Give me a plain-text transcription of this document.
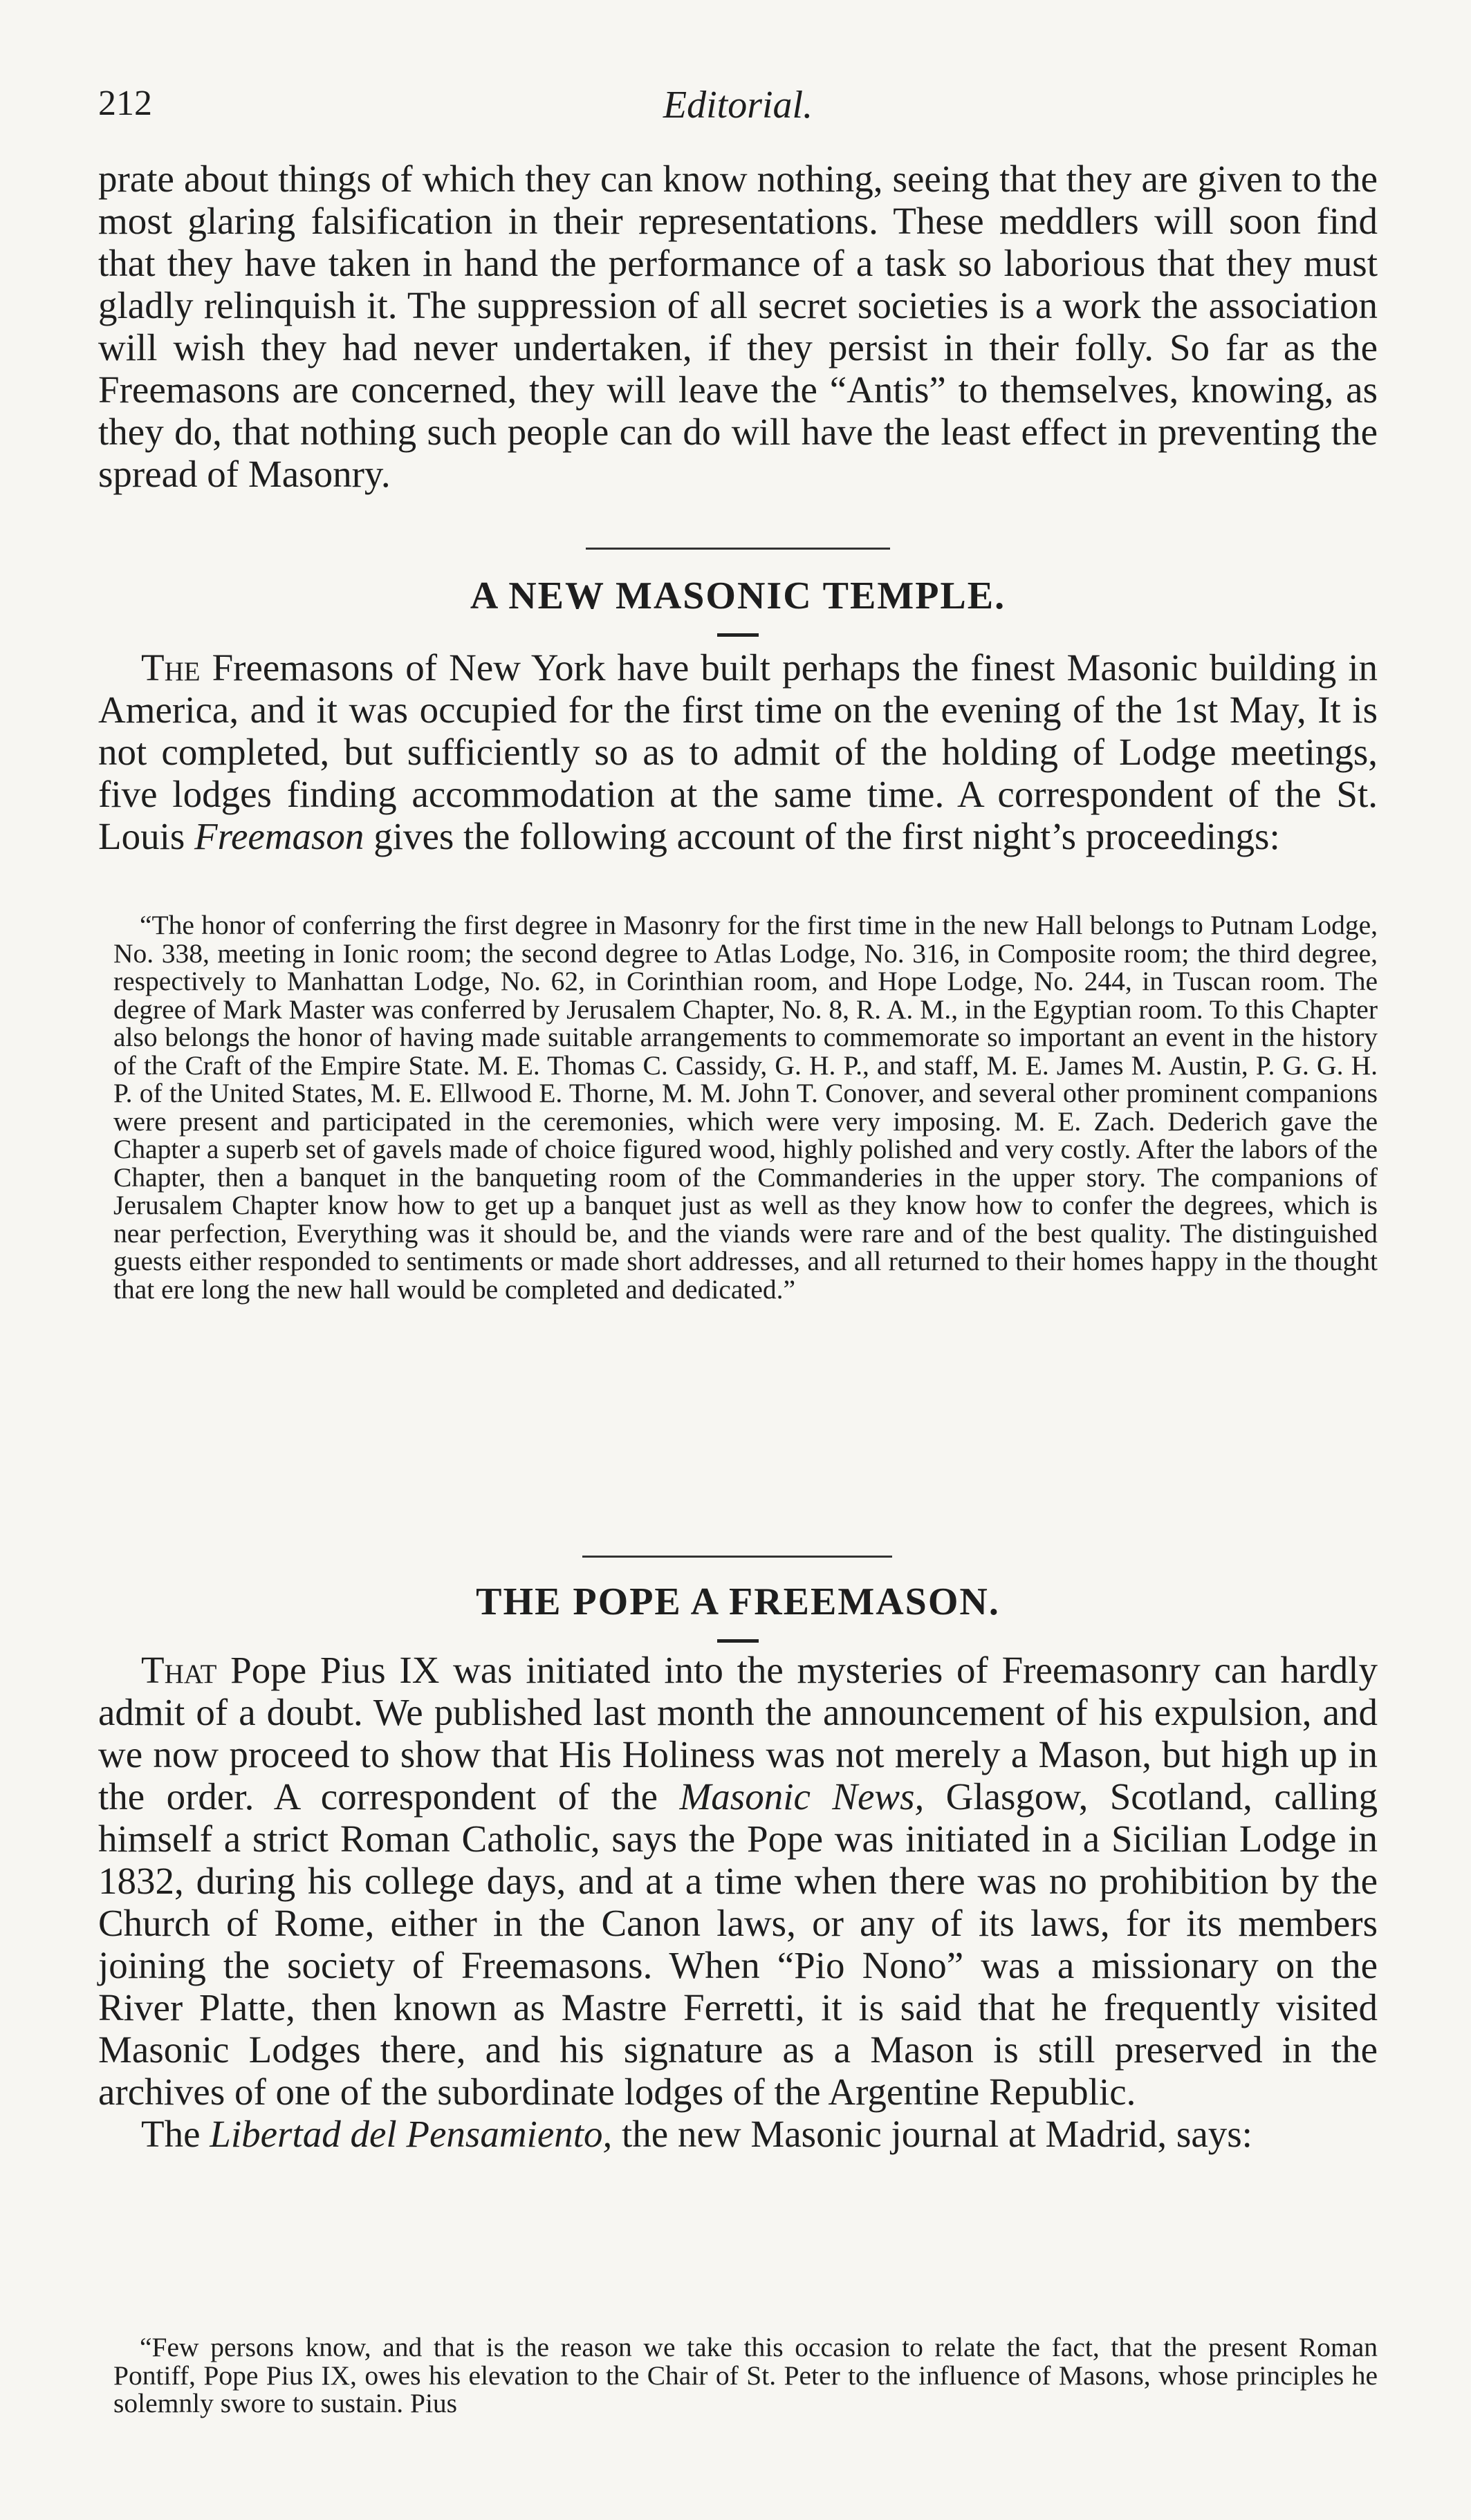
212	Editorial.

prate about things of which they can know nothing, seeing that they are given to the most glaring falsification in their representations. These meddlers will soon find that they have taken in hand the performance of a task so laborious that they must gladly relinquish it. The suppression of all secret societies is a work the association will wish they had never undertaken, if they persist in their folly. So far as the Freemasons are concerned, they will leave the “Antis” to themselves, knowing, as they do, that nothing such people can do will have the least effect in preventing the spread of Masonry.

A NEW MASONIC TEMPLE.

The Freemasons of New York have built perhaps the finest Masonic building in America, and it was occupied for the first time on the evening of the 1st May, It is not completed, but sufficiently so as to admit of the holding of Lodge meetings, five lodges finding accommodation at the same time. A correspondent of the St. Louis Freemason gives the following account of the first night’s proceedings:

“The honor of conferring the first degree in Masonry for the first time in the new Hall belongs to Putnam Lodge, No. 338, meeting in Ionic room; the second degree to Atlas Lodge, No. 316, in Composite room; the third degree, respectively to Manhattan Lodge, No. 62, in Corinthian room, and Hope Lodge, No. 244, in Tuscan room. The degree of Mark Master was conferred by Jerusalem Chapter, No. 8, R. A. M., in the Egyptian room. To this Chapter also belongs the honor of having made suitable arrangements to commemorate so important an event in the history of the Craft of the Empire State. M. E. Thomas C. Cassidy, G. H. P., and staff, M. E. James M. Austin, P. G. G. H. P. of the United States, M. E. Ellwood E. Thorne, M. M. John T. Conover, and several other prominent companions were present and participated in the ceremonies, which were very imposing. M. E. Zach. Dederich gave the Chapter a superb set of gavels made of choice figured wood, highly polished and very costly. After the labors of the Chapter, then a banquet in the banqueting room of the Commanderies in the upper story. The companions of Jerusalem Chapter know how to get up a banquet just as well as they know how to confer the degrees, which is near perfection, Everything was it should be, and the viands were rare and of the best quality. The distinguished guests either responded to sentiments or made short addresses, and all returned to their homes happy in the thought that ere long the new hall would be completed and dedicated.”

THE POPE A FREEMASON.

That Pope Pius IX was initiated into the mysteries of Freemasonry can hardly admit of a doubt. We published last month the announcement of his expulsion, and we now proceed to show that His Holiness was not merely a Mason, but high up in the order. A correspondent of the Masonic News, Glasgow, Scotland, calling himself a strict Roman Catholic, says the Pope was initiated in a Sicilian Lodge in 1832, during his college days, and at a time when there was no prohibition by the Church of Rome, either in the Canon laws, or any of its laws, for its members joining the society of Freemasons. When “Pio Nono” was a missionary on the River Platte, then known as Mastre Ferretti, it is said that he frequently visited Masonic Lodges there, and his signature as a Mason is still preserved in the archives of one of the subordinate lodges of the Argentine Republic.

The Libertad del Pensamiento, the new Masonic journal at Madrid, says:

“Few persons know, and that is the reason we take this occasion to relate the fact, that the present Roman Pontiff, Pope Pius IX, owes his elevation to the Chair of St. Peter to the influence of Masons, whose principles he solemnly swore to sustain. Pius
